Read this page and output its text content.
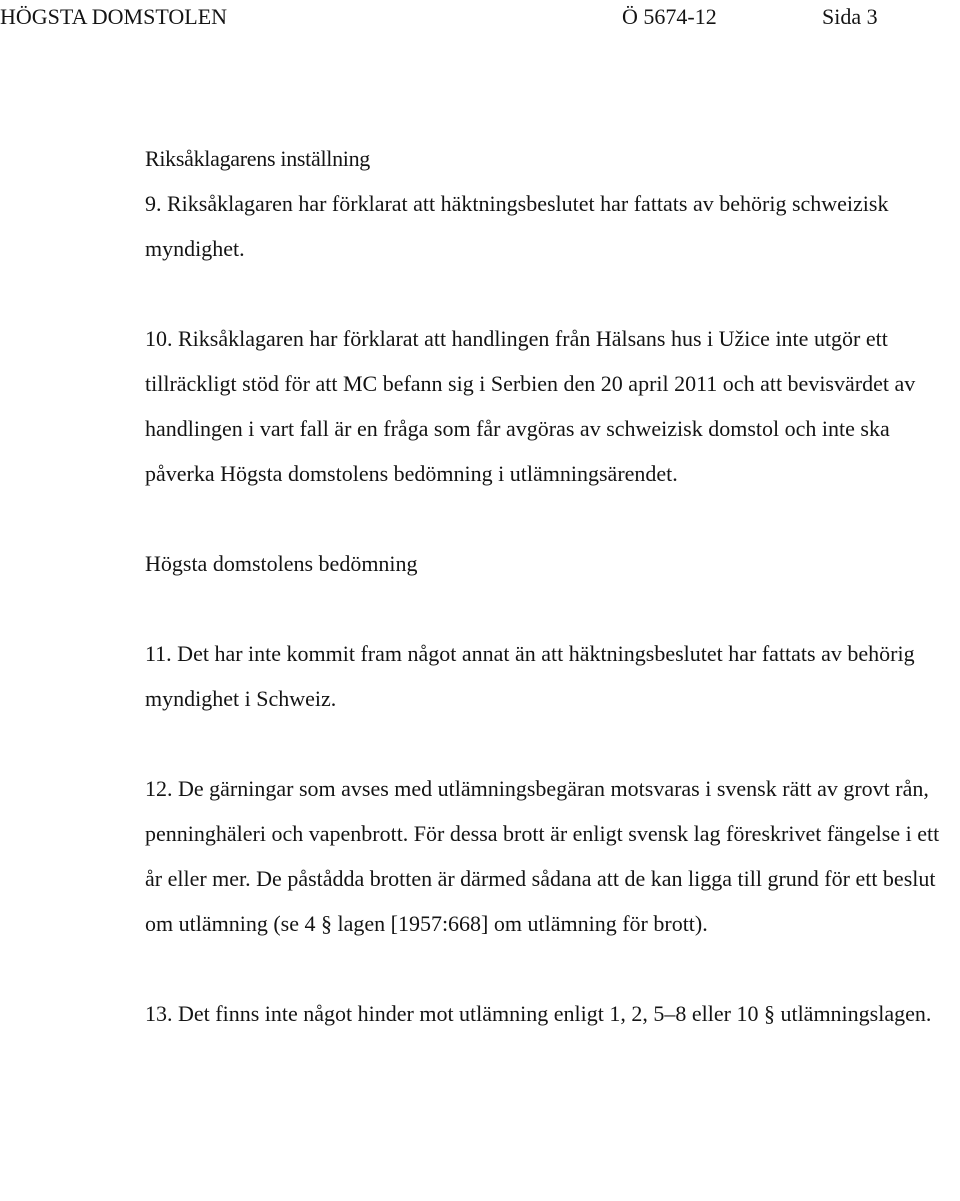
HÖGSTA DOMSTOLEN	Ö 5674-12	Sida 3

Riksåklagarens inställning

9. Riksåklagaren har förklarat att häktningsbeslutet har fattats av behörig schweizisk myndighet.

10. Riksåklagaren har förklarat att handlingen från Hälsans hus i Užice inte utgör ett tillräckligt stöd för att MC befann sig i Serbien den 20 april 2011 och att bevisvärdet av handlingen i vart fall är en fråga som får avgöras av schweizisk domstol och inte ska påverka Högsta domstolens bedömning i utlämningsärendet.

Högsta domstolens bedömning

11. Det har inte kommit fram något annat än att häktningsbeslutet har fattats av behörig myndighet i Schweiz.

12. De gärningar som avses med utlämningsbegäran motsvaras i svensk rätt av grovt rån, penninghäleri och vapenbrott. För dessa brott är enligt svensk lag föreskrivet fängelse i ett år eller mer. De påstådda brotten är därmed sådana att de kan ligga till grund för ett beslut om utlämning (se 4 § lagen [1957:668] om utlämning för brott).

13. Det finns inte något hinder mot utlämning enligt 1, 2, 5–8 eller 10 § utlämningslagen.
